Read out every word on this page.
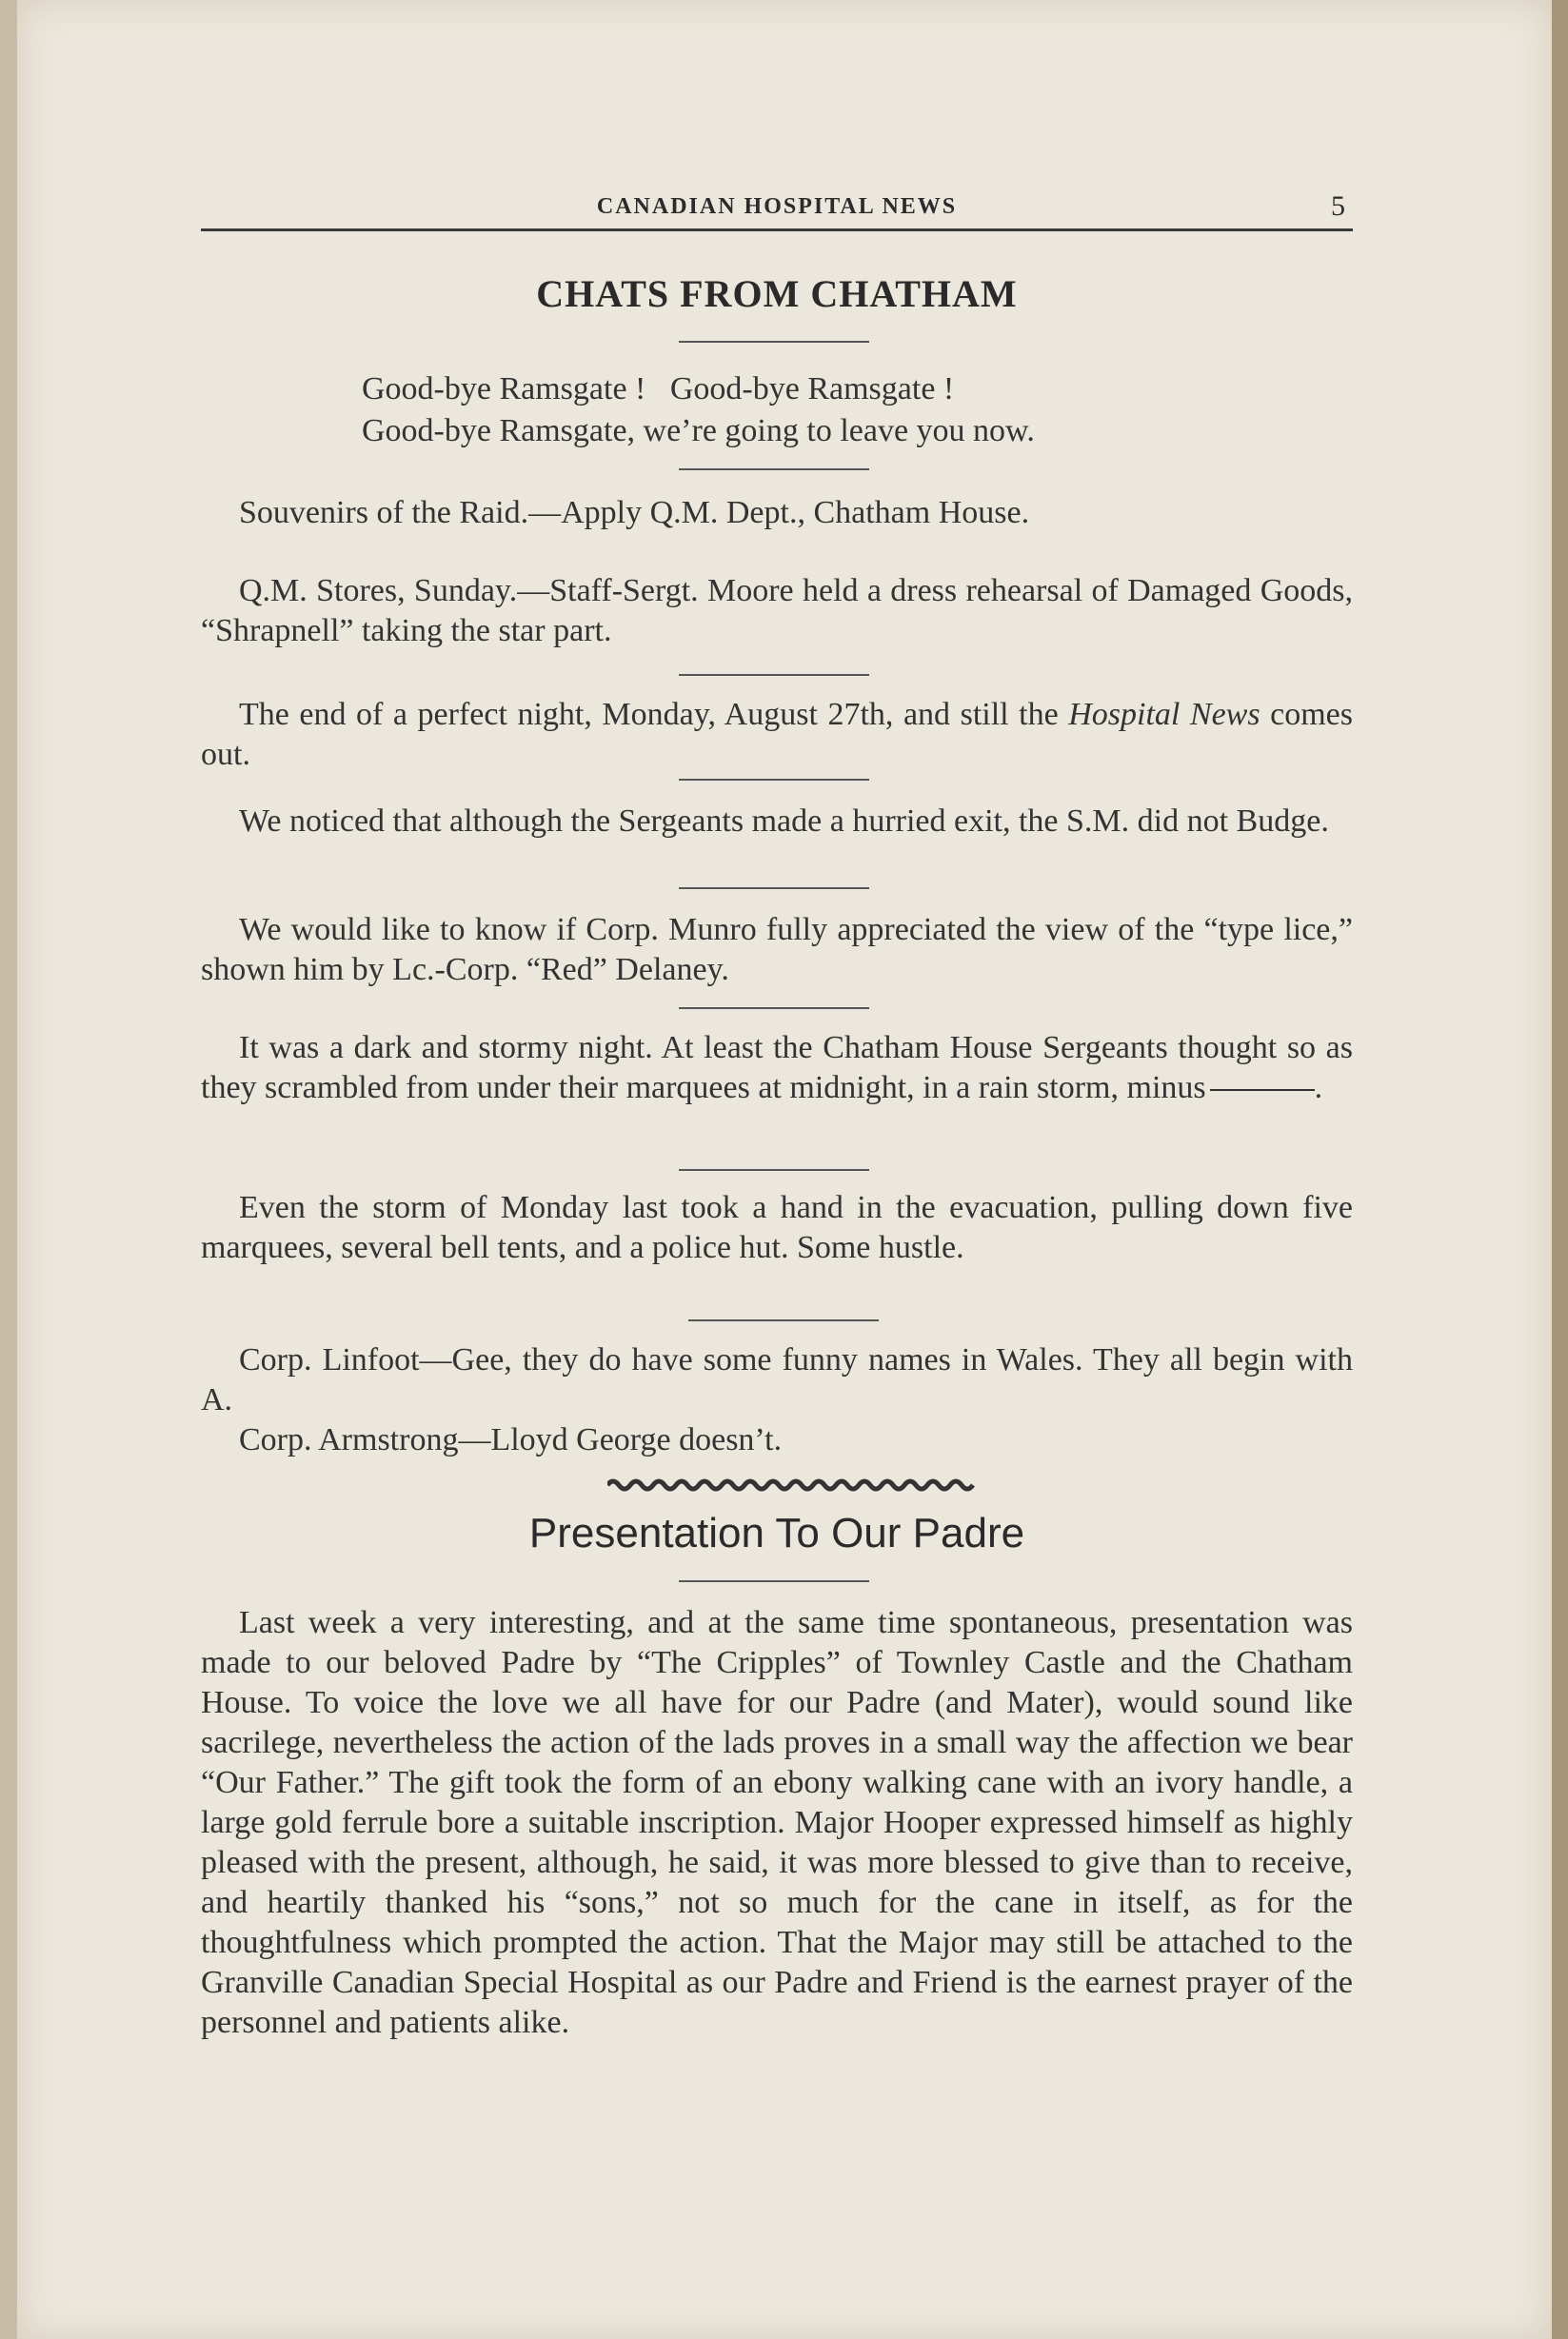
CANADIAN HOSPITAL NEWS	5
CHATS FROM CHATHAM
Good-bye Ramsgate !   Good-bye Ramsgate !
Good-bye Ramsgate, we’re going to leave you now.
Souvenirs of the Raid.—Apply Q.M. Dept., Chatham House.
Q.M. Stores, Sunday.—Staff-Sergt. Moore held a dress rehearsal of Damaged Goods, “Shrapnell” taking the star part.
The end of a perfect night, Monday, August 27th, and still the Hospital News comes out.
We noticed that although the Sergeants made a hurried exit, the S.M. did not Budge.
We would like to know if Corp. Munro fully appreciated the view of the “type lice,” shown him by Lc.-Corp. “Red” Delaney.
It was a dark and stormy night. At least the Chatham House Sergeants thought so as they scrambled from under their marquees at midnight, in a rain storm, minus	.
Even the storm of Monday last took a hand in the evacuation, pulling down five marquees, several bell tents, and a police hut. Some hustle.
Corp. Linfoot—Gee, they do have some funny names in Wales. They all begin with A.
Corp. Armstrong—Lloyd George doesn’t.
Presentation To Our Padre
Last week a very interesting, and at the same time spontaneous, presentation was made to our beloved Padre by “The Cripples” of Townley Castle and the Chatham House. To voice the love we all have for our Padre (and Mater), would sound like sacrilege, nevertheless the action of the lads proves in a small way the affection we bear “Our Father.” The gift took the form of an ebony walking cane with an ivory handle, a large gold ferrule bore a suitable inscription. Major Hooper expressed himself as highly pleased with the present, although, he said, it was more blessed to give than to receive, and heartily thanked his “sons,” not so much for the cane in itself, as for the thoughtfulness which prompted the action. That the Major may still be attached to the Granville Canadian Special Hospital as our Padre and Friend is the earnest prayer of the personnel and patients alike.
